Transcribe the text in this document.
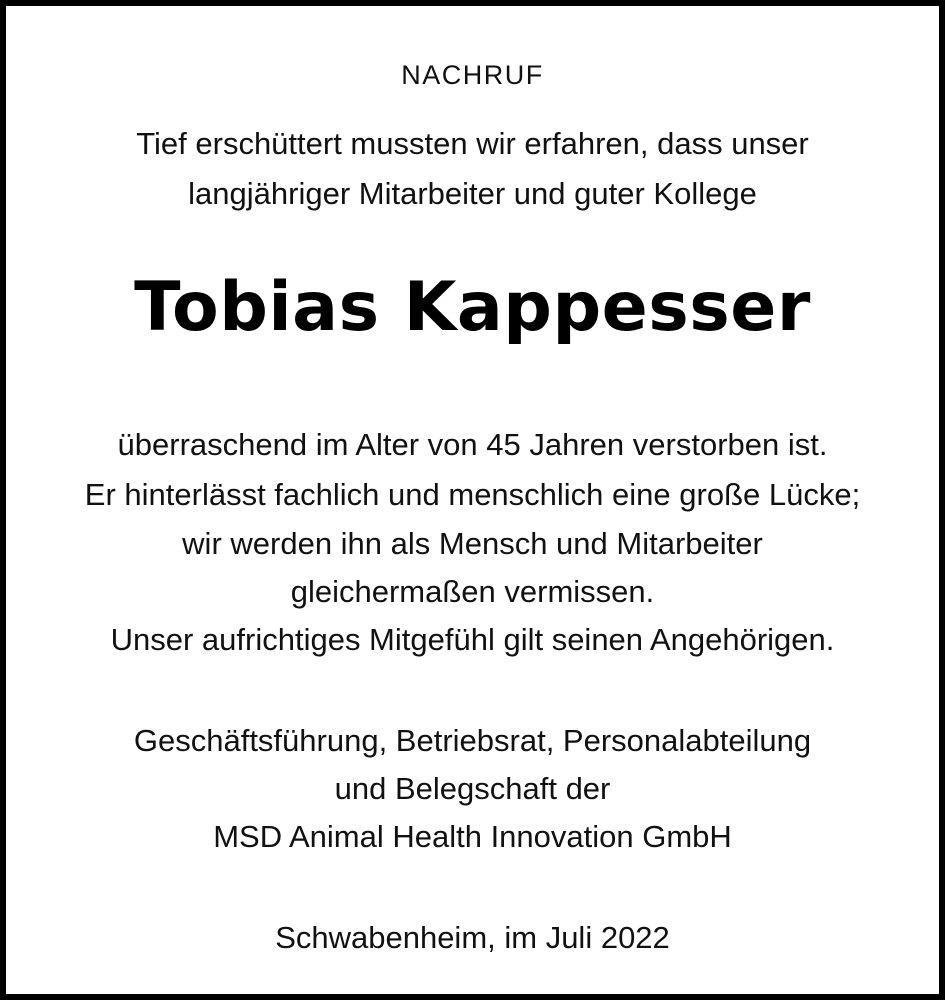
NACHRUF
Tief erschüttert mussten wir erfahren, dass unser
langjähriger Mitarbeiter und guter Kollege
Tobias Kappesser
überraschend im Alter von 45 Jahren verstorben ist.
Er hinterlässt fachlich und menschlich eine große Lücke;
wir werden ihn als Mensch und Mitarbeiter
gleichermaßen vermissen.
Unser aufrichtiges Mitgefühl gilt seinen Angehörigen.
Geschäftsführung, Betriebsrat, Personalabteilung
und Belegschaft der
MSD Animal Health Innovation GmbH
Schwabenheim, im Juli 2022
